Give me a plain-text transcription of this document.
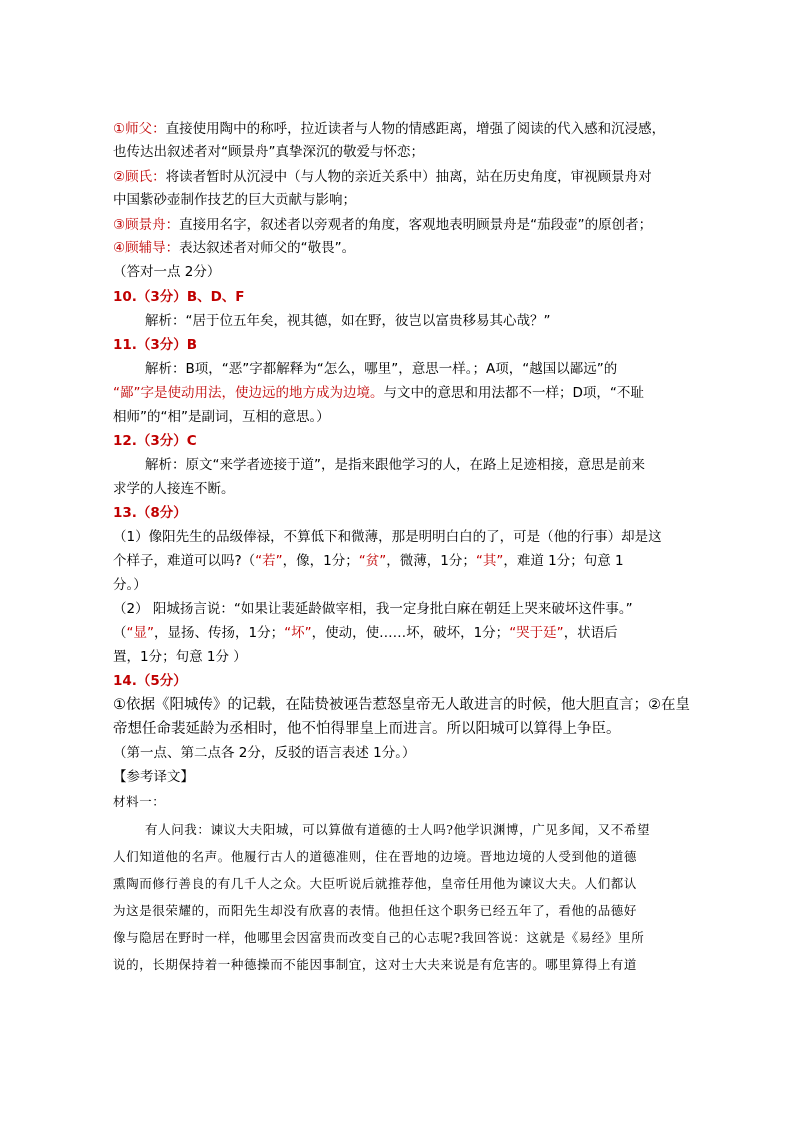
①师父：直接使用陶中的称呼，拉近读者与人物的情感距离，增强了阅读的代入感和沉浸感，
也传达出叙述者对“顾景舟”真挚深沉的敬爱与怀恋；
②顾氏：将读者暂时从沉浸中（与人物的亲近关系中）抽离，站在历史角度，审视顾景舟对
中国紫砂壶制作技艺的巨大贡献与影响；
③顾景舟：直接用名字，叙述者以旁观者的角度，客观地表明顾景舟是“茄段壶”的原创者；
④顾辅导：表达叙述者对师父的“敬畏”。
（答对一点 2分）
10.（3分）B、D、F
解析：“居于位五年矣，视其德，如在野，彼岂以富贵移易其心哉？”
11.（3分）B
解析：B项，“恶”字都解释为“怎么，哪里”，意思一样。；A项，“越国以鄙远”的
“鄙”字是使动用法，使边远的地方成为边境。与文中的意思和用法都不一样；D项，“不耻
相师”的“相”是副词，互相的意思。）
12.（3分）C
解析：原文“来学者迹接于道”，是指来跟他学习的人，在路上足迹相接，意思是前来
求学的人接连不断。
13.（8分）
（1）像阳先生的品级俸禄，不算低下和微薄，那是明明白白的了，可是（他的行事）却是这
个样子，难道可以吗?（“若”，像，1分；“贫”，微薄，1分；“其”，难道 1分；句意 1
分。）
（2） 阳城扬言说：“如果让裴延龄做宰相，我一定身批白麻在朝廷上哭来破坏这件事。”
（“显”，显扬、传扬，1分；“坏”，使动，使……坏，破坏，1分；“哭于廷”，状语后
置，1分；句意 1分 ）
14.（5分）
①依据《阳城传》的记载，在陆贽被诬告惹怒皇帝无人敢进言的时候，他大胆直言；②在皇
帝想任命裴延龄为丞相时，他不怕得罪皇上而进言。所以阳城可以算得上争臣。
（第一点、第二点各 2分，反驳的语言表述 1分。）
【参考译文】
材料一：
有人问我：谏议大夫阳城，可以算做有道德的士人吗?他学识渊博，广见多闻，又不希望
人们知道他的名声。他履行古人的道德准则，住在晋地的边境。晋地边境的人受到他的道德
熏陶而修行善良的有几千人之众。大臣听说后就推荐他，皇帝任用他为谏议大夫。人们都认
为这是很荣耀的，而阳先生却没有欣喜的表情。他担任这个职务已经五年了，看他的品德好
像与隐居在野时一样，他哪里会因富贵而改变自己的心志呢?我回答说：这就是《易经》里所
说的，长期保持着一种德操而不能因事制宜，这对士大夫来说是有危害的。哪里算得上有道
